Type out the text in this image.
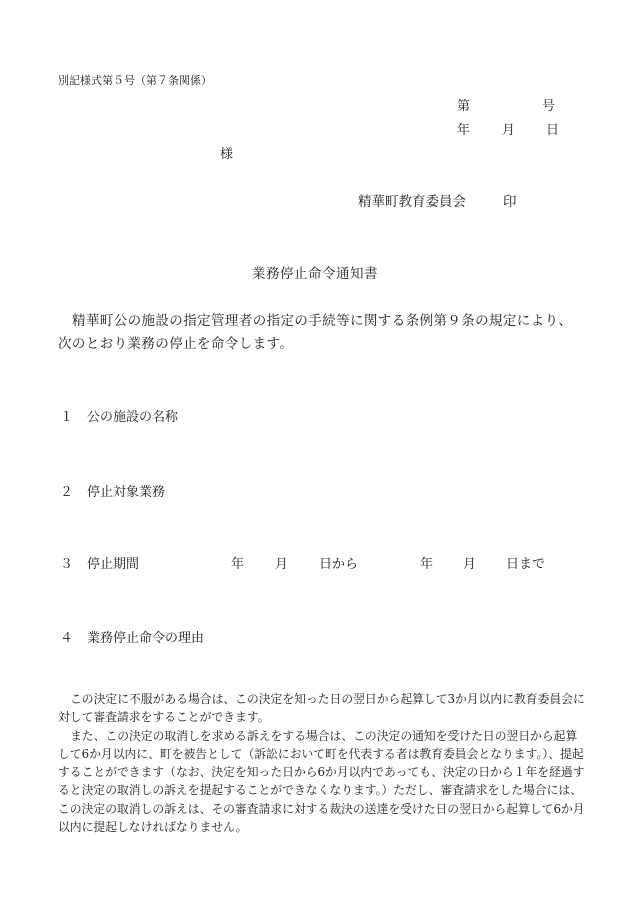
別記様式第５号（第７条関係）
第	号
年 月 日
様
精華町教育委員会	印
業務停止命令通知書
精華町公の施設の指定管理者の指定の手続等に関する条例第９条の規定により、次のとおり業務の停止を命令します。
１ 公の施設の名称
２ 停止対象業務
３ 停止期間	年 月 日から	年 月 日まで
４ 業務停止命令の理由

この決定に不服がある場合は、この決定を知った日の翌日から起算して3か月以内に教育委員会に対して審査請求をすることができます。

また、この決定の取消しを求める訴えをする場合は、この決定の通知を受けた日の翌日から起算して6か月以内に、町を被告として（訴訟において町を代表する者は教育委員会となります。）、提起することができます（なお、決定を知った日から6か月以内であっても、決定の日から１年を経過すると決定の取消しの訴えを提起することができなくなります。）ただし、審査請求をした場合には、この決定の取消しの訴えは、その審査請求に対する裁決の送達を受けた日の翌日から起算して6か月以内に提起しなければなりません。
